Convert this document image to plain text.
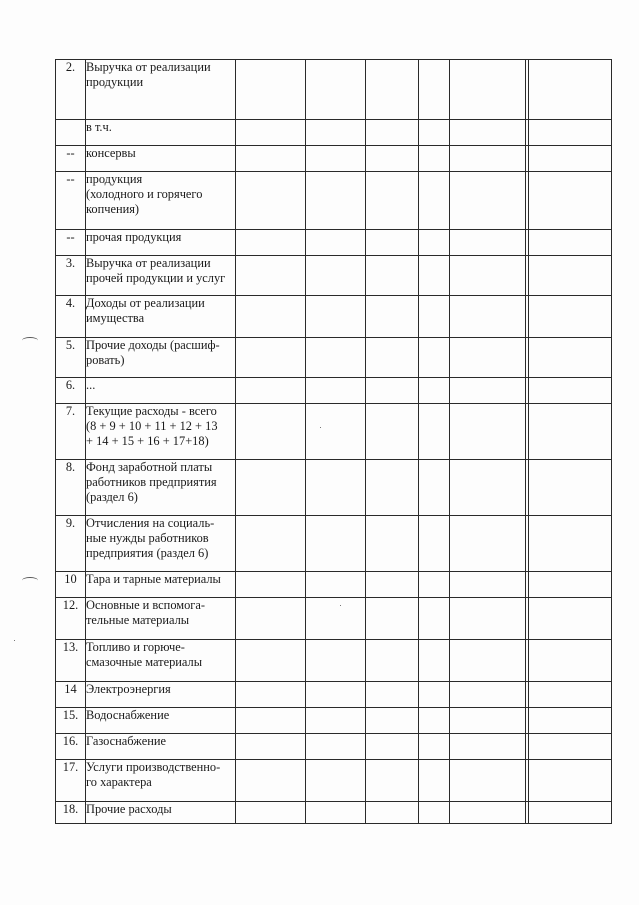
2.	Выручка от реализации
продукции							
	в т.ч.							
--	консервы							
--	продукция
(холодного и горячего
копчения)							
--	прочая продукция							
3.	Выручка от реализации
прочей продукции и услуг							
4.	Доходы от реализации
имущества							
5.	Прочие доходы (расшиф-
ровать)							
6.	...							
7.	Текущие расходы - всего
(8 + 9 + 10 + 11 + 12 + 13
+ 14 + 15 + 16 + 17+18)							
8.	Фонд заработной платы
работников предприятия
(раздел 6)							
9.	Отчисления на социаль-
ные нужды работников
предприятия (раздел 6)							
10	Тара и тарные материалы							
12.	Основные и вспомога-
тельные материалы							
13.	Топливо и горюче-
смазочные материалы							
14	Электроэнергия							
15.	Водоснабжение							
16.	Газоснабжение							
17.	Услуги производственно-
го характера							
18.	Прочие расходы							
